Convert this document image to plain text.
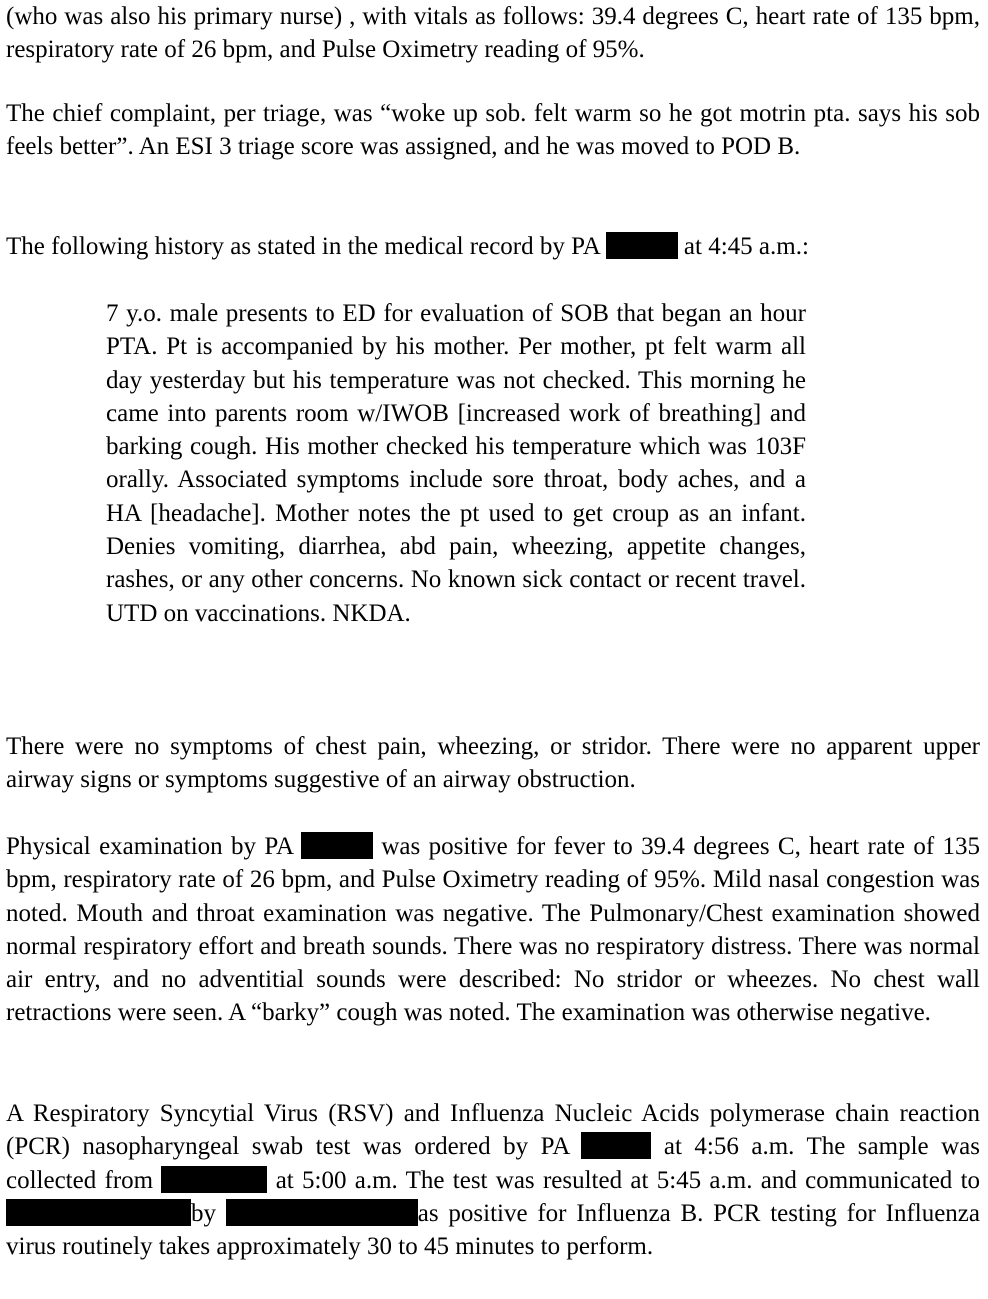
(who was also his primary nurse) , with vitals as follows: 39.4 degrees C, heart rate of 135 bpm, respiratory rate of 26 bpm, and Pulse Oximetry reading of 95%.

The chief complaint, per triage, was “woke up sob. felt warm so he got motrin pta. says his sob feels better”. An ESI 3 triage score was assigned, and he was moved to POD B.

The following history as stated in the medical record by PA	at 4:45 a.m.:

7 y.o. male presents to ED for evaluation of SOB that began an hour PTA. Pt is accompanied by his mother. Per mother, pt felt warm all day yesterday but his temperature was not checked. This morning he came into parents room w/IWOB [increased work of breathing] and barking cough. His mother checked his temperature which was 103F orally. Associated symptoms include sore throat, body aches, and a HA [headache]. Mother notes the pt used to get croup as an infant. Denies vomiting, diarrhea, abd pain, wheezing, appetite changes, rashes, or any other concerns. No known sick contact or recent travel. UTD on vaccinations. NKDA.

There were no symptoms of chest pain, wheezing, or stridor. There were no apparent upper airway signs or symptoms suggestive of an airway obstruction.

Physical examination by PA	was positive for fever to 39.4 degrees C, heart rate of 135 bpm, respiratory rate of 26 bpm, and Pulse Oximetry reading of 95%. Mild nasal congestion was noted. Mouth and throat examination was negative. The Pulmonary/Chest examination showed normal respiratory effort and breath sounds. There was no respiratory distress. There was normal air entry, and no adventitial sounds were described: No stridor or wheezes. No chest wall retractions were seen. A “barky” cough was noted. The examination was otherwise negative.

A Respiratory Syncytial Virus (RSV) and Influenza Nucleic Acids polymerase chain reaction (PCR) nasopharyngeal swab test was ordered by PA	at 4:56 a.m. The sample was collected from	at 5:00 a.m. The test was resulted at 5:45 a.m. and communicated to by	as positive for Influenza B. PCR testing for Influenza virus routinely takes approximately 30 to 45 minutes to perform.
